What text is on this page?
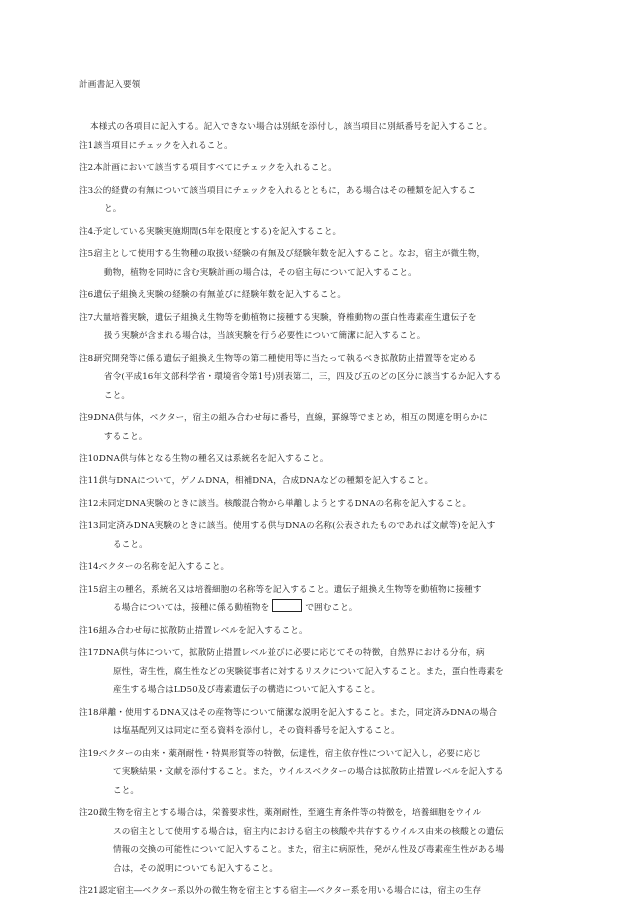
計画書記入要領
本様式の各項目に記入する。記入できない場合は別紙を添付し，該当項目に別紙番号を記入すること。
注1.
該当項目にチェックを入れること。
注2.
本計画において該当する項目すべてにチェックを入れること。
注3.
公的経費の有無について該当項目にチェックを入れるとともに，ある場合はその種類を記入するこ
と。
注4.
予定している実験実施期間(5年を限度とする)を記入すること。
注5.
宿主として使用する生物種の取扱い経験の有無及び経験年数を記入すること。なお，宿主が微生物，
動物，植物を同時に含む実験計画の場合は，その宿主毎について記入すること。
注6.
遺伝子組換え実験の経験の有無並びに経験年数を記入すること。
注7.
大量培養実験，遺伝子組換え生物等を動植物に接種する実験，脊椎動物の蛋白性毒素産生遺伝子を
扱う実験が含まれる場合は，当該実験を行う必要性について簡潔に記入すること。
注8.
研究開発等に係る遺伝子組換え生物等の第二種使用等に当たって執るべき拡散防止措置等を定める
省令(平成16年文部科学省・環境省令第1号)別表第二，三，四及び五のどの区分に該当するか記入する
こと。
注9.
DNA供与体，ベクター，宿主の組み合わせ毎に番号，直線，罫線等でまとめ，相互の関連を明らかに
すること。
注10.
DNA供与体となる生物の種名又は系統名を記入すること。
注11.
供与DNAについて，ゲノムDNA，相補DNA，合成DNAなどの種類を記入すること。
注12.
未同定DNA実験のときに該当。核酸混合物から単離しようとするDNAの名称を記入すること。
注13.
同定済みDNA実験のときに該当。使用する供与DNAの名称(公表されたものであれば文献等)を記入す
ること。
注14.
ベクターの名称を記入すること。
注15.
宿主の種名，系統名又は培養細胞の名称等を記入すること。遺伝子組換え生物等を動植物に接種す
る場合については，接種に係る動植物を	で囲むこと。
注16.
組み合わせ毎に拡散防止措置レベルを記入すること。
注17.
DNA供与体について，拡散防止措置レベル並びに必要に応じてその特徴，自然界における分布，病
原性，寄生性，腐生性などの実験従事者に対するリスクについて記入すること。また，蛋白性毒素を
産生する場合はLD50及び毒素遺伝子の構造について記入すること。
注18.
単離・使用するDNA又はその産物等について簡潔な説明を記入すること。また，同定済みDNAの場合
は塩基配列又は同定に至る資料を添付し，その資料番号を記入すること。
注19.
ベクターの由来・薬剤耐性・特異形質等の特徴，伝達性，宿主依存性について記入し，必要に応じ
て実験結果・文献を添付すること。また，ウイルスベクターの場合は拡散防止措置レベルを記入する
こと。
注20.
微生物を宿主とする場合は，栄養要求性，薬剤耐性，至適生育条件等の特徴を，培養細胞をウイル
スの宿主として使用する場合は，宿主内における宿主の核酸や共存するウイルス由来の核酸との遺伝
情報の交換の可能性について記入すること。また，宿主に病原性，発がん性及び毒素産生性がある場
合は，その説明についても記入すること。
注21.
認定宿主―ベクター系以外の微生物を宿主とする宿主―ベクター系を用いる場合には，宿主の生存
